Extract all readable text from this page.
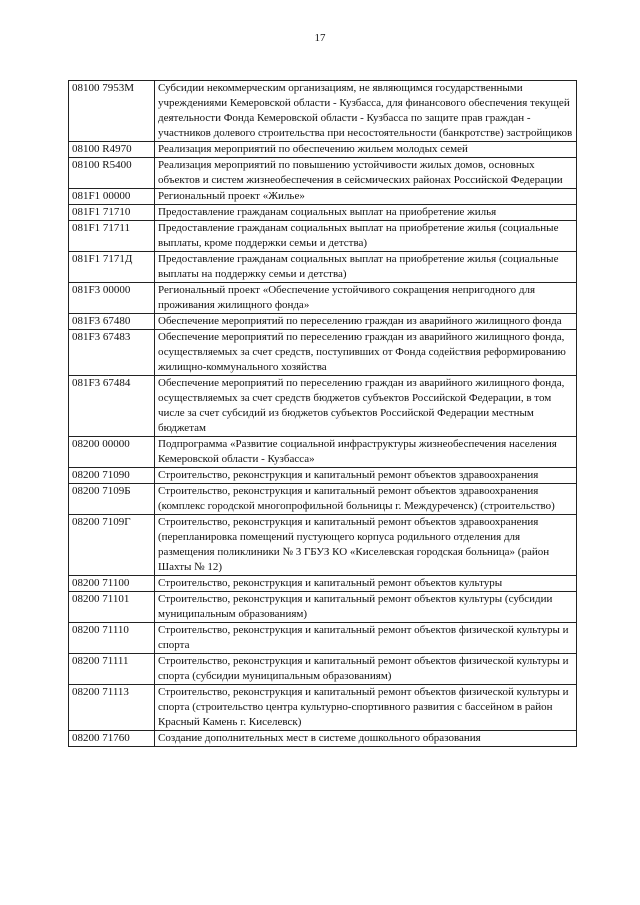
17
08100 7953M	Субсидии некоммерческим организациям, не являющимся государственными учреждениями Кемеровской области - Кузбасса, для финансового обеспечения текущей деятельности Фонда Кемеровской области - Кузбасса по защите прав граждан - участников долевого строительства при несостоятельности (банкротстве) застройщиков
08100 R4970	Реализация мероприятий по обеспечению жильем молодых семей
08100 R5400	Реализация мероприятий по повышению устойчивости жилых домов, основных объектов и систем жизнеобеспечения в сейсмических районах Российской Федерации
081F1 00000	Региональный проект «Жилье»
081F1 71710	Предоставление гражданам социальных выплат на приобретение жилья
081F1 71711	Предоставление гражданам социальных выплат на приобретение жилья (социальные выплаты, кроме поддержки семьи и детства)
081F1 7171Д	Предоставление гражданам социальных выплат на приобретение жилья (социальные выплаты на поддержку семьи и детства)
081F3 00000	Региональный проект «Обеспечение устойчивого сокращения непригодного для проживания жилищного фонда»
081F3 67480	Обеспечение мероприятий по переселению граждан из аварийного жилищного фонда
081F3 67483	Обеспечение мероприятий по переселению граждан из аварийного жилищного фонда, осуществляемых за счет средств, поступивших от Фонда содействия реформированию жилищно-коммунального хозяйства
081F3 67484	Обеспечение мероприятий по переселению граждан из аварийного жилищного фонда, осуществляемых за счет средств бюджетов субъектов Российской Федерации, в том числе за счет субсидий из бюджетов субъектов Российской Федерации местным бюджетам
08200 00000	Подпрограмма «Развитие социальной инфраструктуры жизнеобеспечения населения Кемеровской области - Кузбасса»
08200 71090	Строительство, реконструкция и капитальный ремонт объектов здравоохранения
08200 7109Б	Строительство, реконструкция и капитальный ремонт объектов здравоохранения (комплекс городской многопрофильной больницы г. Междуреченск) (строительство)
08200 7109Г	Строительство, реконструкция и капитальный ремонт объектов здравоохранения (перепланировка помещений пустующего корпуса родильного отделения для размещения поликлиники № 3 ГБУЗ КО «Киселевская городская больница» (район Шахты № 12)
08200 71100	Строительство, реконструкция и капитальный ремонт объектов культуры
08200 71101	Строительство, реконструкция и капитальный ремонт объектов культуры (субсидии муниципальным образованиям)
08200 71110	Строительство, реконструкция и капитальный ремонт объектов физической культуры и спорта
08200 71111	Строительство, реконструкция и капитальный ремонт объектов физической культуры и спорта (субсидии муниципальным образованиям)
08200 71113	Строительство, реконструкция и капитальный ремонт объектов физической культуры и спорта (строительство центра культурно-спортивного развития с бассейном в район Красный Камень г. Киселевск)
08200 71760	Создание дополнительных мест в системе дошкольного образования
